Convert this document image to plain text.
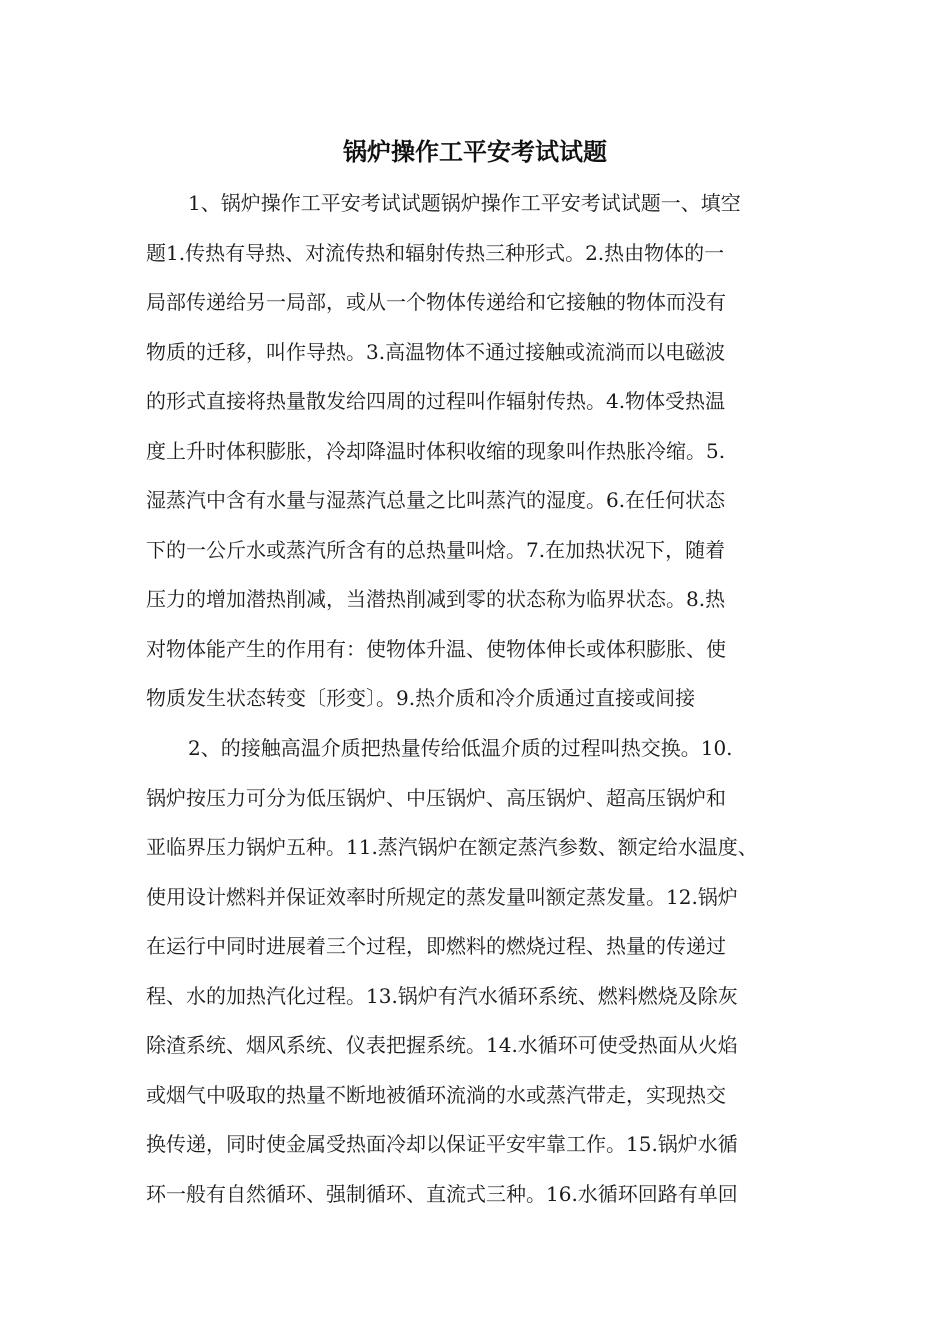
锅炉操作工平安考试试题
1、锅炉操作工平安考试试题锅炉操作工平安考试试题一、填空
题1.传热有导热、对流传热和辐射传热三种形式。2.热由物体的一
局部传递给另一局部，或从一个物体传递给和它接触的物体而没有
物质的迁移，叫作导热。3.高温物体不通过接触或流淌而以电磁波
的形式直接将热量散发给四周的过程叫作辐射传热。4.物体受热温
度上升时体积膨胀，冷却降温时体积收缩的现象叫作热胀冷缩。5.
湿蒸汽中含有水量与湿蒸汽总量之比叫蒸汽的湿度。6.在任何状态
下的一公斤水或蒸汽所含有的总热量叫焓。7.在加热状况下，随着
压力的增加潜热削减，当潜热削减到零的状态称为临界状态。8.热
对物体能产生的作用有：使物体升温、使物体伸长或体积膨胀、使
物质发生状态转变〔形变〕。9.热介质和冷介质通过直接或间接
2、的接触高温介质把热量传给低温介质的过程叫热交换。10.
锅炉按压力可分为低压锅炉、中压锅炉、高压锅炉、超高压锅炉和
亚临界压力锅炉五种。11.蒸汽锅炉在额定蒸汽参数、额定给水温度、
使用设计燃料并保证效率时所规定的蒸发量叫额定蒸发量。12.锅炉
在运行中同时进展着三个过程，即燃料的燃烧过程、热量的传递过
程、水的加热汽化过程。13.锅炉有汽水循环系统、燃料燃烧及除灰
除渣系统、烟风系统、仪表把握系统。14.水循环可使受热面从火焰
或烟气中吸取的热量不断地被循环流淌的水或蒸汽带走，实现热交
换传递，同时使金属受热面冷却以保证平安牢靠工作。15.锅炉水循
环一般有自然循环、强制循环、直流式三种。16.水循环回路有单回
